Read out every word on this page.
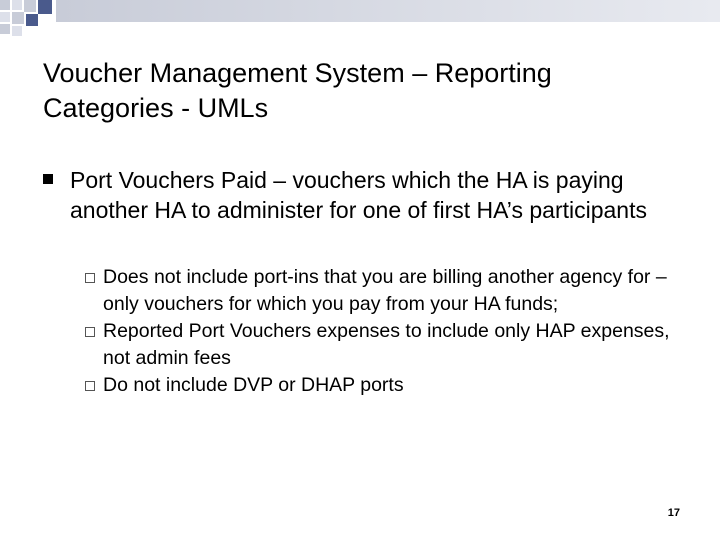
Voucher Management System – Reporting Categories - UMLs
Port Vouchers Paid – vouchers which the HA is paying another HA to administer for one of first HA’s participants
Does not include port-ins that you are billing another agency for – only vouchers for which you pay from your HA funds;
Reported Port Vouchers expenses to include only HAP expenses, not admin fees
Do not include DVP or DHAP ports
17
